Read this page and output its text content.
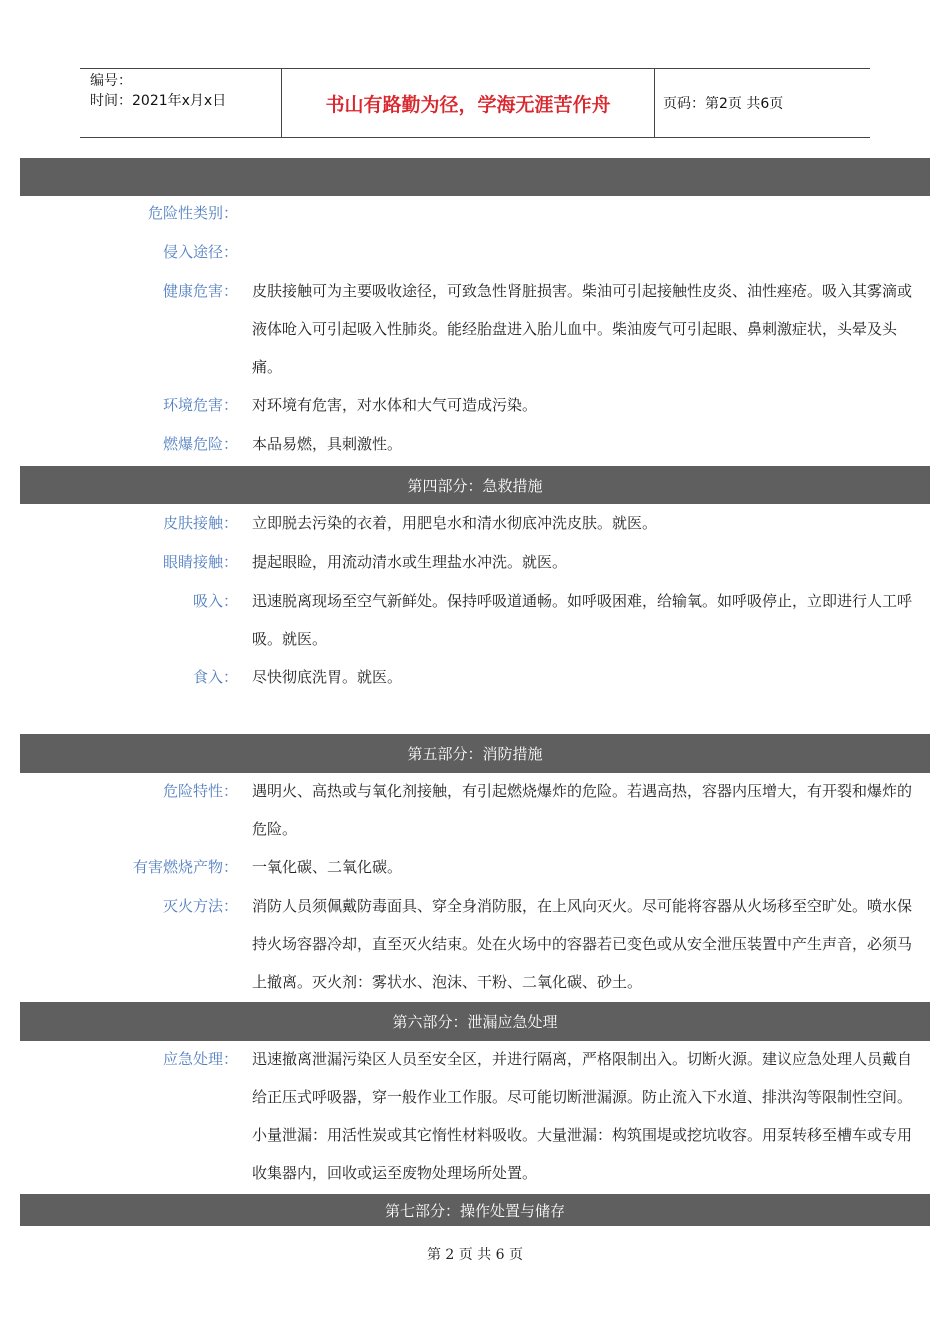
编号：
时间：2021年x月x日	书山有路勤为径，学海无涯苦作舟	页码：第2页 共6页
危险性类别：
侵入途径：
健康危害： 皮肤接触可为主要吸收途径，可致急性肾脏损害。柴油可引起接触性皮炎、油性痤疮。吸入其雾滴或液体呛入可引起吸入性肺炎。能经胎盘进入胎儿血中。柴油废气可引起眼、鼻刺激症状，头晕及头痛。
环境危害： 对环境有危害，对水体和大气可造成污染。
燃爆危险： 本品易燃，具刺激性。
第四部分：急救措施
皮肤接触： 立即脱去污染的衣着，用肥皂水和清水彻底冲洗皮肤。就医。
眼睛接触： 提起眼睑，用流动清水或生理盐水冲洗。就医。
吸入： 迅速脱离现场至空气新鲜处。保持呼吸道通畅。如呼吸困难，给输氧。如呼吸停止，立即进行人工呼吸。就医。
食入： 尽快彻底洗胃。就医。
第五部分：消防措施
危险特性： 遇明火、高热或与氧化剂接触，有引起燃烧爆炸的危险。若遇高热，容器内压增大，有开裂和爆炸的危险。
有害燃烧产物： 一氧化碳、二氧化碳。
灭火方法： 消防人员须佩戴防毒面具、穿全身消防服，在上风向灭火。尽可能将容器从火场移至空旷处。喷水保持火场容器冷却，直至灭火结束。处在火场中的容器若已变色或从安全泄压装置中产生声音，必须马上撤离。灭火剂：雾状水、泡沫、干粉、二氧化碳、砂土。
第六部分：泄漏应急处理
应急处理： 迅速撤离泄漏污染区人员至安全区，并进行隔离，严格限制出入。切断火源。建议应急处理人员戴自给正压式呼吸器，穿一般作业工作服。尽可能切断泄漏源。防止流入下水道、排洪沟等限制性空间。小量泄漏：用活性炭或其它惰性材料吸收。大量泄漏：构筑围堤或挖坑收容。用泵转移至槽车或专用收集器内，回收或运至废物处理场所处置。
第七部分：操作处置与储存
第 2 页 共 6 页
